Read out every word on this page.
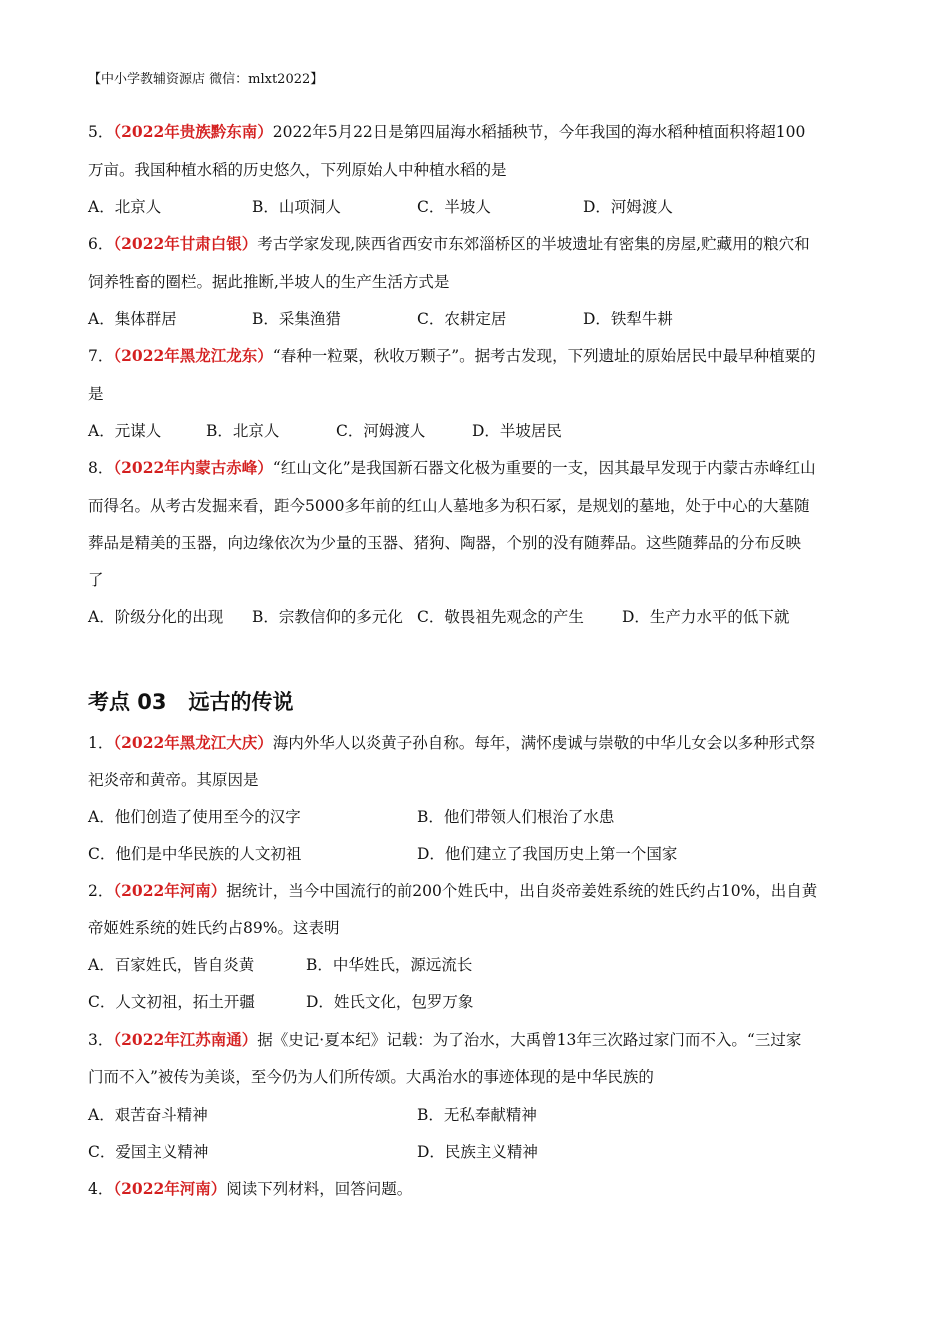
【中小学教辅资源店 微信：mlxt2022】
5．（2022年贵族黔东南）2022年5月22日是第四届海水稻插秧节，今年我国的海水稻种植面积将超100
万亩。我国种植水稻的历史悠久，下列原始人中种植水稻的是
A．北京人	B．山项洞人	C．半坡人	D．河姆渡人
6．（2022年甘肃白银）考古学家发现,陕西省西安市东郊淄桥区的半坡遗址有密集的房屋,贮藏用的粮穴和
饲养牲畜的圈栏。据此推断,半坡人的生产生活方式是
A．集体群居	B．采集渔猎	C．农耕定居	D．铁犁牛耕
7．（2022年黑龙江龙东）“春种一粒粟，秋收万颗子”。据考古发现，下列遗址的原始居民中最早种植粟的
是
A．元谋人	B．北京人	C．河姆渡人	D．半坡居民
8．（2022年内蒙古赤峰）“红山文化”是我国新石器文化极为重要的一支，因其最早发现于内蒙古赤峰红山
而得名。从考古发掘来看，距今5000多年前的红山人墓地多为积石冢，是规划的墓地，处于中心的大墓随
葬品是精美的玉器，向边缘依次为少量的玉器、猪狗、陶器，个别的没有随葬品。这些随葬品的分布反映
了
A．阶级分化的出现 B．宗教信仰的多元化 C．敬畏祖先观念的产生 D．生产力水平的低下就
考点 03 远古的传说
1．（2022年黑龙江大庆）海内外华人以炎黄子孙自称。每年，满怀虔诚与崇敬的中华儿女会以多种形式祭
祀炎帝和黄帝。其原因是
A．他们创造了使用至今的汉字	B．他们带领人们根治了水患
C．他们是中华民族的人文初祖	D．他们建立了我国历史上第一个国家
2．（2022年河南）据统计，当今中国流行的前200个姓氏中，出自炎帝姜姓系统的姓氏约占10%，出自黄
帝姬姓系统的姓氏约占89%。这表明
A．百家姓氏，皆自炎黄	B．中华姓氏，源远流长
C．人文初祖，拓土开疆	D．姓氏文化，包罗万象
3．（2022年江苏南通）据《史记·夏本纪》记载：为了治水，大禹曾13年三次路过家门而不入。“三过家
门而不入”被传为美谈，至今仍为人们所传颂。大禹治水的事迹体现的是中华民族的
A．艰苦奋斗精神	B．无私奉献精神
C．爱国主义精神	D．民族主义精神
4．（2022年河南）阅读下列材料，回答问题。
